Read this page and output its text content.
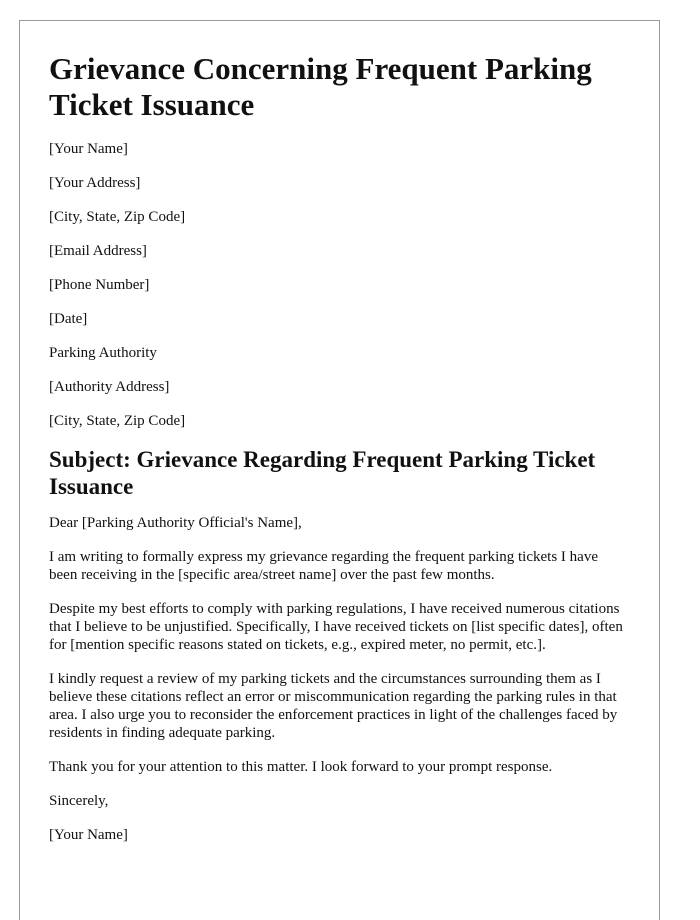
Grievance Concerning Frequent Parking Ticket Issuance

[Your Name]

[Your Address]

[City, State, Zip Code]

[Email Address]

[Phone Number]

[Date]

Parking Authority

[Authority Address]

[City, State, Zip Code]

Subject: Grievance Regarding Frequent Parking Ticket Issuance

Dear [Parking Authority Official's Name],

I am writing to formally express my grievance regarding the frequent parking tickets I have been receiving in the [specific area/street name] over the past few months.

Despite my best efforts to comply with parking regulations, I have received numerous citations that I believe to be unjustified. Specifically, I have received tickets on [list specific dates], often for [mention specific reasons stated on tickets, e.g., expired meter, no permit, etc.].

I kindly request a review of my parking tickets and the circumstances surrounding them as I believe these citations reflect an error or miscommunication regarding the parking rules in that area. I also urge you to reconsider the enforcement practices in light of the challenges faced by residents in finding adequate parking.

Thank you for your attention to this matter. I look forward to your prompt response.

Sincerely,

[Your Name]
